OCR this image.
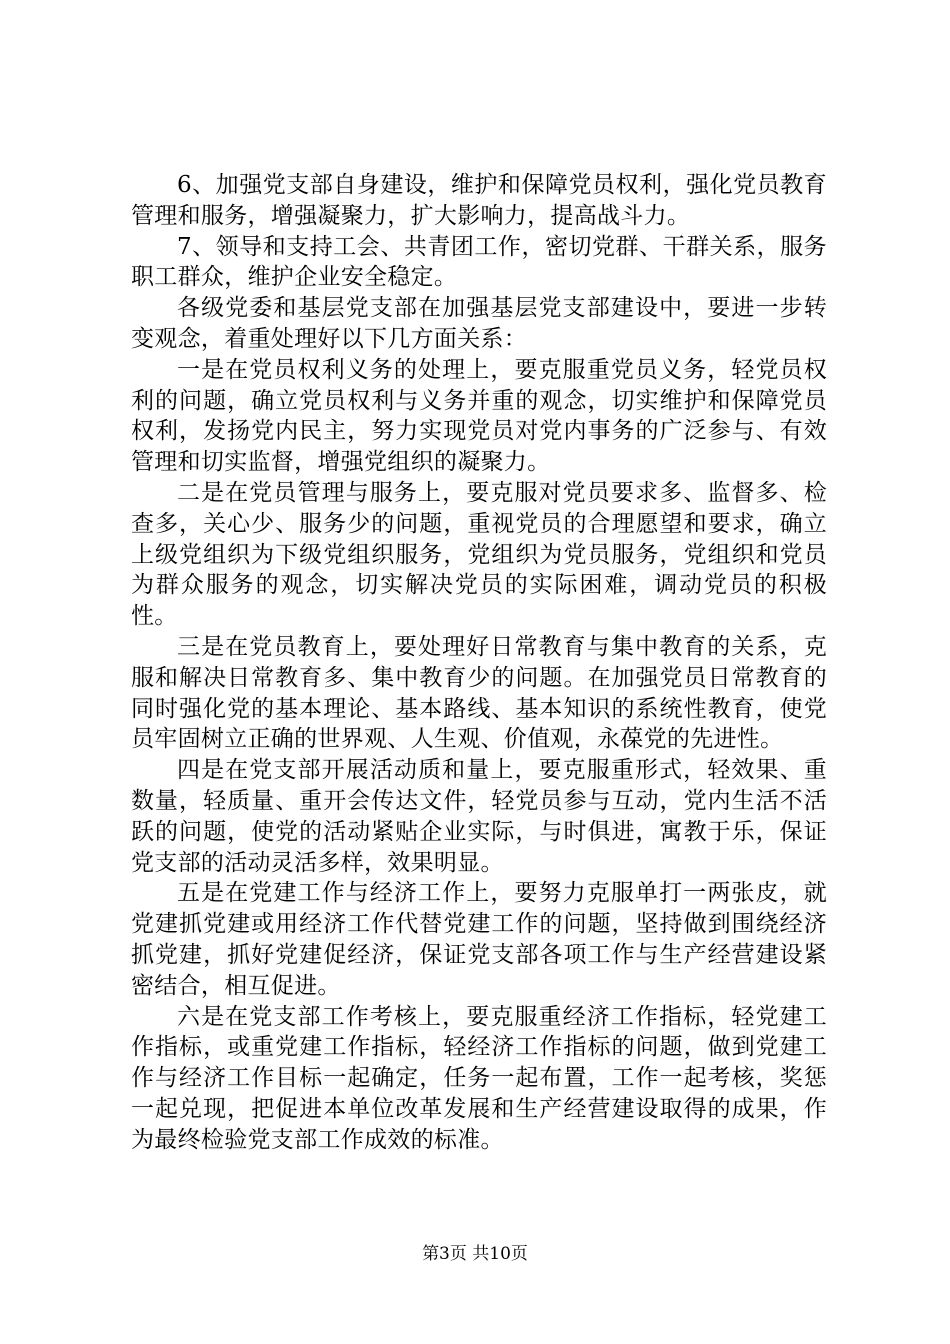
6、加强党支部自身建设，维护和保障党员权利，强化党员教育管理和服务，增强凝聚力，扩大影响力，提高战斗力。

7、领导和支持工会、共青团工作，密切党群、干群关系，服务职工群众，维护企业安全稳定。

各级党委和基层党支部在加强基层党支部建设中，要进一步转变观念，着重处理好以下几方面关系：

一是在党员权利义务的处理上，要克服重党员义务，轻党员权利的问题，确立党员权利与义务并重的观念，切实维护和保障党员权利，发扬党内民主，努力实现党员对党内事务的广泛参与、有效管理和切实监督，增强党组织的凝聚力。

二是在党员管理与服务上，要克服对党员要求多、监督多、检查多，关心少、服务少的问题，重视党员的合理愿望和要求，确立上级党组织为下级党组织服务，党组织为党员服务，党组织和党员为群众服务的观念，切实解决党员的实际困难，调动党员的积极性。

三是在党员教育上，要处理好日常教育与集中教育的关系，克服和解决日常教育多、集中教育少的问题。在加强党员日常教育的同时强化党的基本理论、基本路线、基本知识的系统性教育，使党员牢固树立正确的世界观、人生观、价值观，永葆党的先进性。

四是在党支部开展活动质和量上，要克服重形式，轻效果、重数量，轻质量、重开会传达文件，轻党员参与互动，党内生活不活跃的问题，使党的活动紧贴企业实际，与时俱进，寓教于乐，保证党支部的活动灵活多样，效果明显。

五是在党建工作与经济工作上，要努力克服单打一两张皮，就党建抓党建或用经济工作代替党建工作的问题，坚持做到围绕经济抓党建，抓好党建促经济，保证党支部各项工作与生产经营建设紧密结合，相互促进。

六是在党支部工作考核上，要克服重经济工作指标，轻党建工作指标，或重党建工作指标，轻经济工作指标的问题，做到党建工作与经济工作目标一起确定，任务一起布置，工作一起考核，奖惩一起兑现，把促进本单位改革发展和生产经营建设取得的成果，作为最终检验党支部工作成效的标准。

第3页 共10页
